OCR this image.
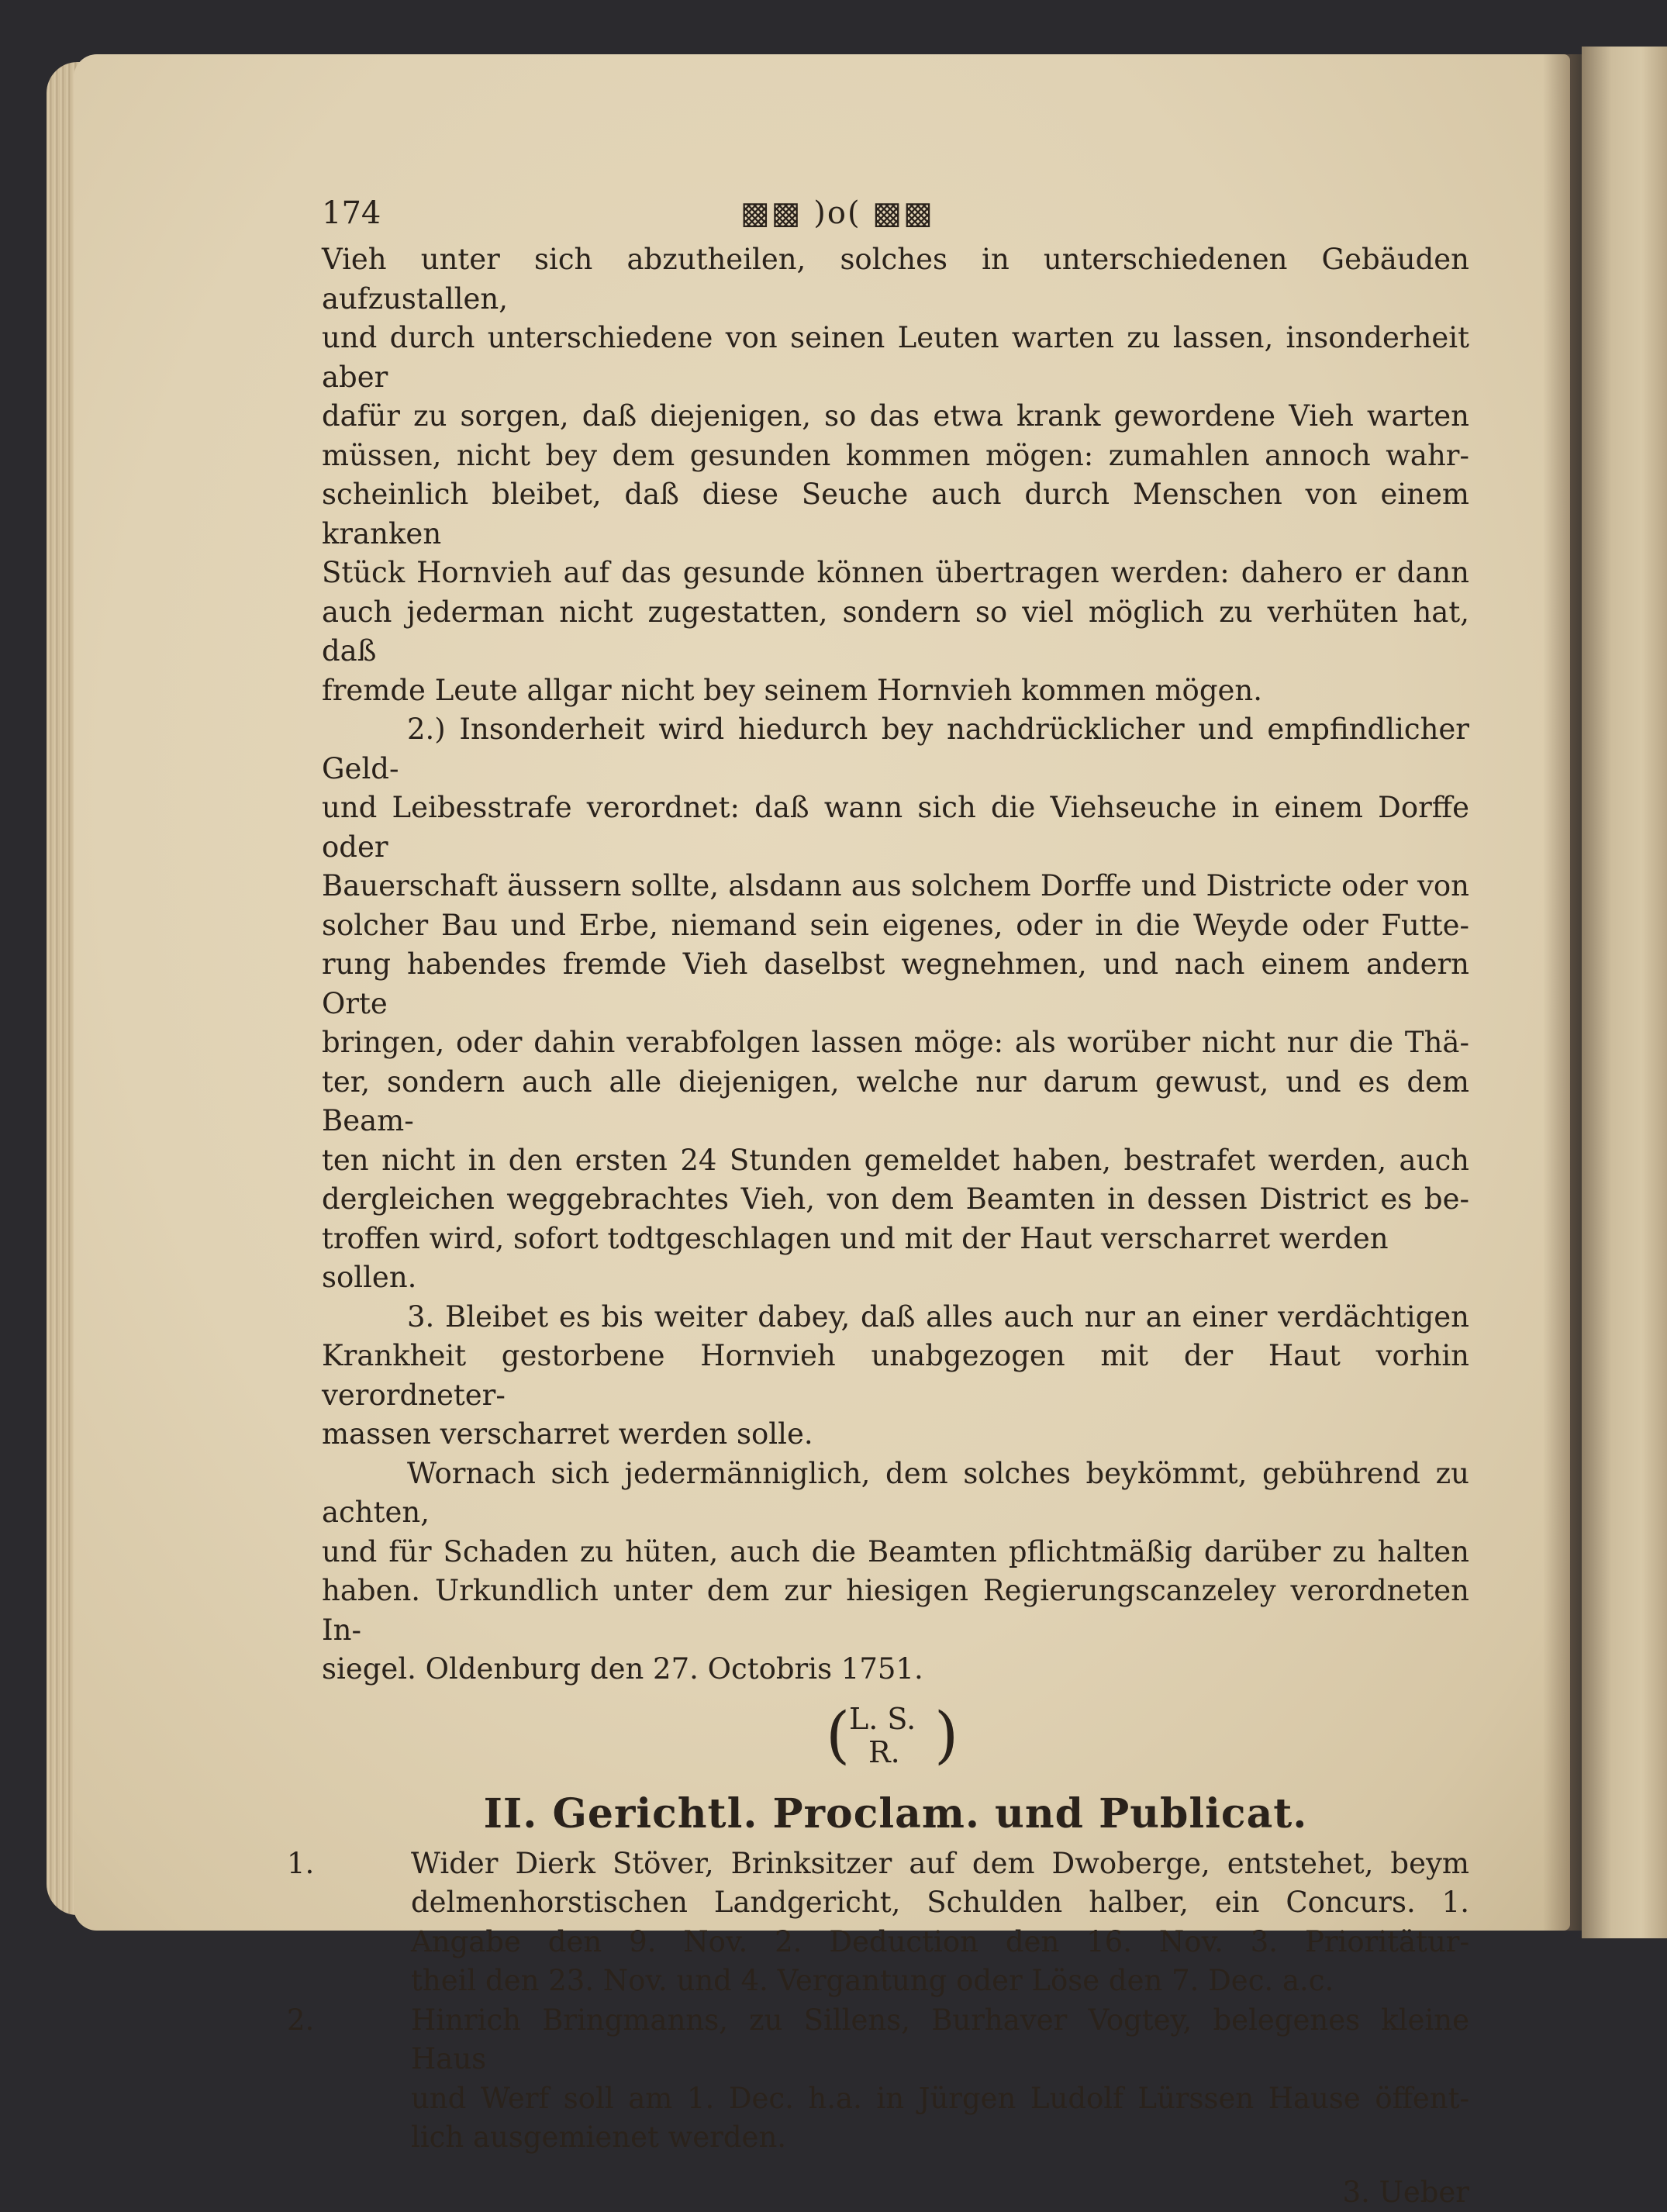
174	▩▩ )o( ▩▩

Vieh unter sich abzutheilen, solches in unterschiedenen Gebäuden aufzustallen,

und durch unterschiedene von seinen Leuten warten zu lassen, insonderheit aber

dafür zu sorgen, daß diejenigen, so das etwa krank gewordene Vieh warten

müssen, nicht bey dem gesunden kommen mögen: zumahlen annoch wahr-

scheinlich bleibet, daß diese Seuche auch durch Menschen von einem kranken

Stück Hornvieh auf das gesunde können übertragen werden: dahero er dann

auch jederman nicht zugestatten, sondern so viel möglich zu verhüten hat, daß

fremde Leute allgar nicht bey seinem Hornvieh kommen mögen.

2.) Insonderheit wird hiedurch bey nachdrücklicher und empfindlicher Geld-

und Leibesstrafe verordnet: daß wann sich die Viehseuche in einem Dorffe oder

Bauerschaft äussern sollte, alsdann aus solchem Dorffe und Districte oder von

solcher Bau und Erbe, niemand sein eigenes, oder in die Weyde oder Futte-

rung habendes fremde Vieh daselbst wegnehmen, und nach einem andern Orte

bringen, oder dahin verabfolgen lassen möge: als worüber nicht nur die Thä-

ter, sondern auch alle diejenigen, welche nur darum gewust, und es dem Beam-

ten nicht in den ersten 24 Stunden gemeldet haben, bestrafet werden, auch

dergleichen weggebrachtes Vieh, von dem Beamten in dessen District es be-

troffen wird, sofort todtgeschlagen und mit der Haut verscharret werden sollen.

3. Bleibet es bis weiter dabey, daß alles auch nur an einer verdächtigen

Krankheit gestorbene Hornvieh unabgezogen mit der Haut vorhin verordneter-

massen verscharret werden solle.

Wornach sich jedermänniglich, dem solches beykömmt, gebührend zu achten,

und für Schaden zu hüten, auch die Beamten pflichtmäßig darüber zu halten

haben. Urkundlich unter dem zur hiesigen Regierungscanzeley verordneten In-

siegel. Oldenburg den 27. Octobris 1751.

(
L. S.
R. )
II. Gerichtl. Proclam. und Publicat.
1.	Wider Dierk Stöver, Brinksitzer auf dem Dwoberge, entstehet, beym

delmenhorstischen Landgericht, Schulden halber, ein Concurs. 1.

Angabe den 9. Nov. 2. Deduction den 16. Nov. 3. Prioritätur-

theil den 23. Nov. und 4. Vergantung oder Löse den 7. Dec. a.c.

2.	Hinrich Bringmanns, zu Sillens, Burhaver Vogtey, belegenes kleine Haus

und Werf soll am 1. Dec. h.a. in Jürgen Ludolf Lürssen Hause öffent-

lich ausgemienet werden.

3. Ueber
